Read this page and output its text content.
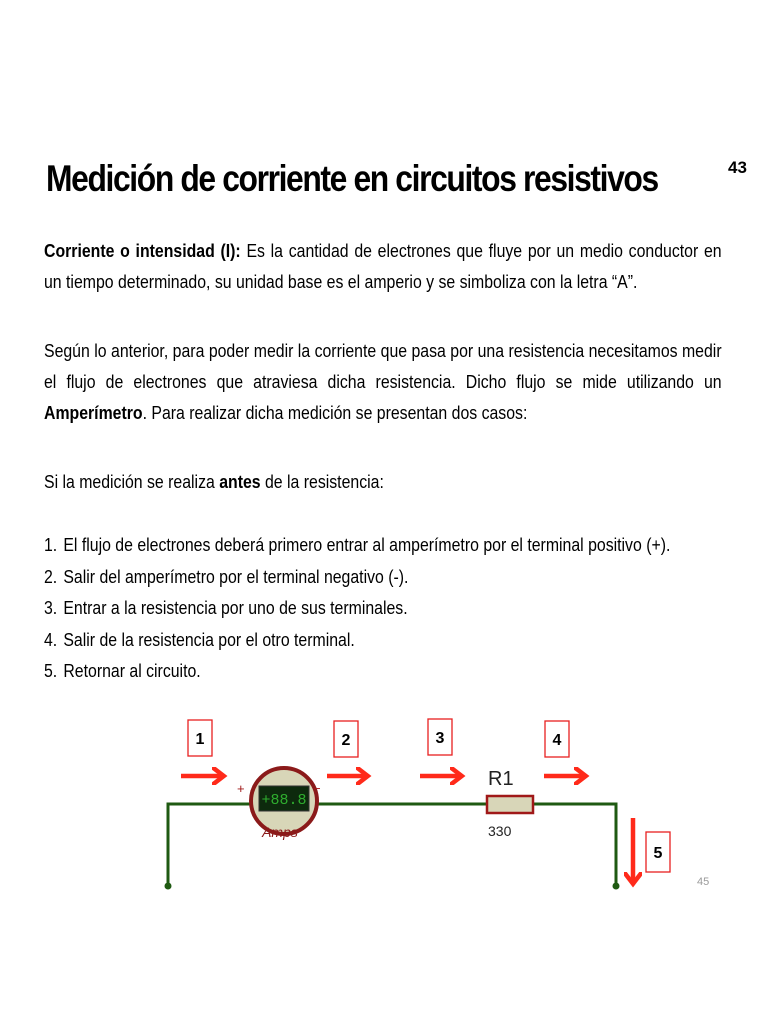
Medición de corriente en circuitos resistivos	43
Corriente o intensidad (I): Es la cantidad de electrones que fluye por un medio conductor en un tiempo determinado, su unidad base es el amperio y se simboliza con la letra “A”.
Según lo anterior, para poder medir la corriente que pasa por una resistencia necesitamos medir el flujo de electrones que atraviesa dicha resistencia. Dicho flujo se mide utilizando un Amperímetro. Para realizar dicha medición se presentan dos casos:
Si la medición se realiza antes de la resistencia:
1. El flujo de electrones deberá primero entrar al amperímetro por el terminal positivo (+).
2. Salir del amperímetro por el terminal negativo (-).
3. Entrar a la resistencia por uno de sus terminales.
4. Salir de la resistencia por el otro terminal.
5. Retornar al circuito.
+88.8
Amps
+	−	R1
330
1	2	3	4
5
45
